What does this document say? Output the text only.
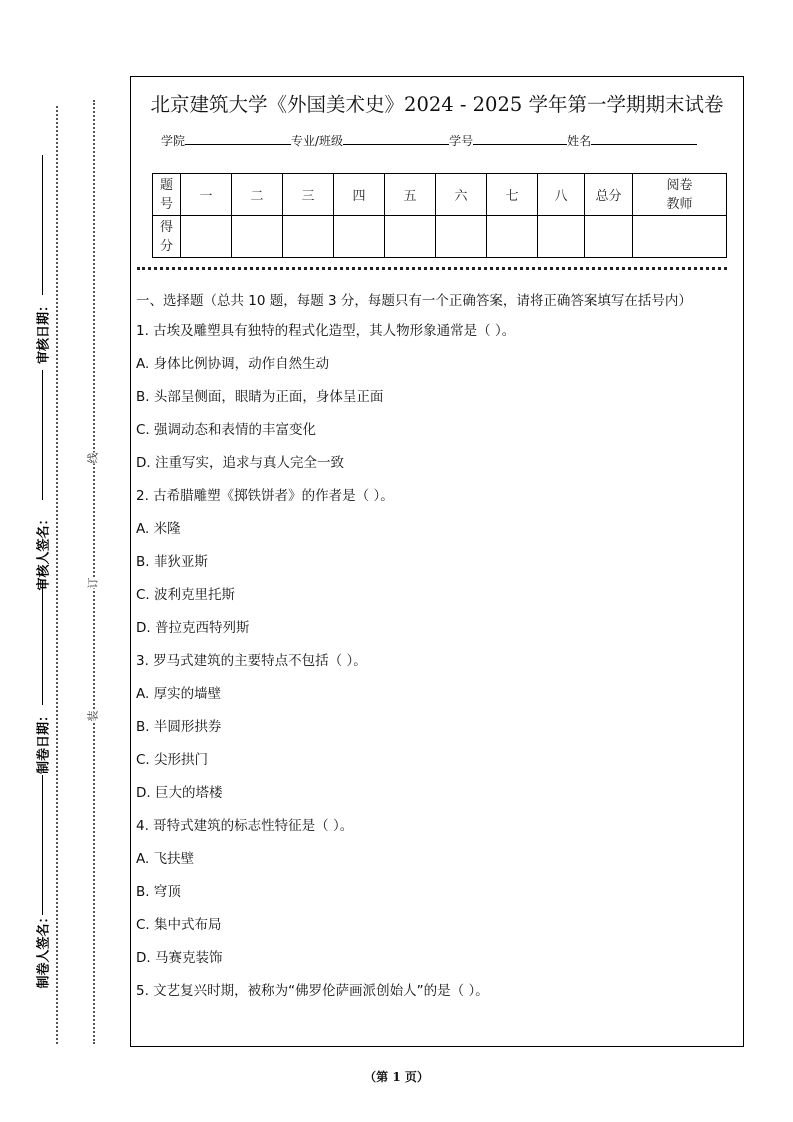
审核日期：
审核人签名：
制卷日期：
制卷人签名：
线
订
装
北京建筑大学《外国美术史》2024 - 2025 学年第一学期期末试卷
学院	专业/班级	学号	姓名
题号	一	二	三	四	五	六	七	八	总分	阅卷教师
得分										
一、选择题（总共 10 题，每题 3 分，每题只有一个正确答案，请将正确答案填写在括号内）
1. 古埃及雕塑具有独特的程式化造型，其人物形象通常是（ ）。
A. 身体比例协调，动作自然生动
B. 头部呈侧面，眼睛为正面，身体呈正面
C. 强调动态和表情的丰富变化
D. 注重写实，追求与真人完全一致
2. 古希腊雕塑《掷铁饼者》的作者是（ ）。
A. 米隆
B. 菲狄亚斯
C. 波利克里托斯
D. 普拉克西特列斯
3. 罗马式建筑的主要特点不包括（ ）。
A. 厚实的墙壁
B. 半圆形拱券
C. 尖形拱门
D. 巨大的塔楼
4. 哥特式建筑的标志性特征是（ ）。
A. 飞扶壁
B. 穹顶
C. 集中式布局
D. 马赛克装饰
5. 文艺复兴时期，被称为“佛罗伦萨画派创始人”的是（ ）。
（第 1 页）
